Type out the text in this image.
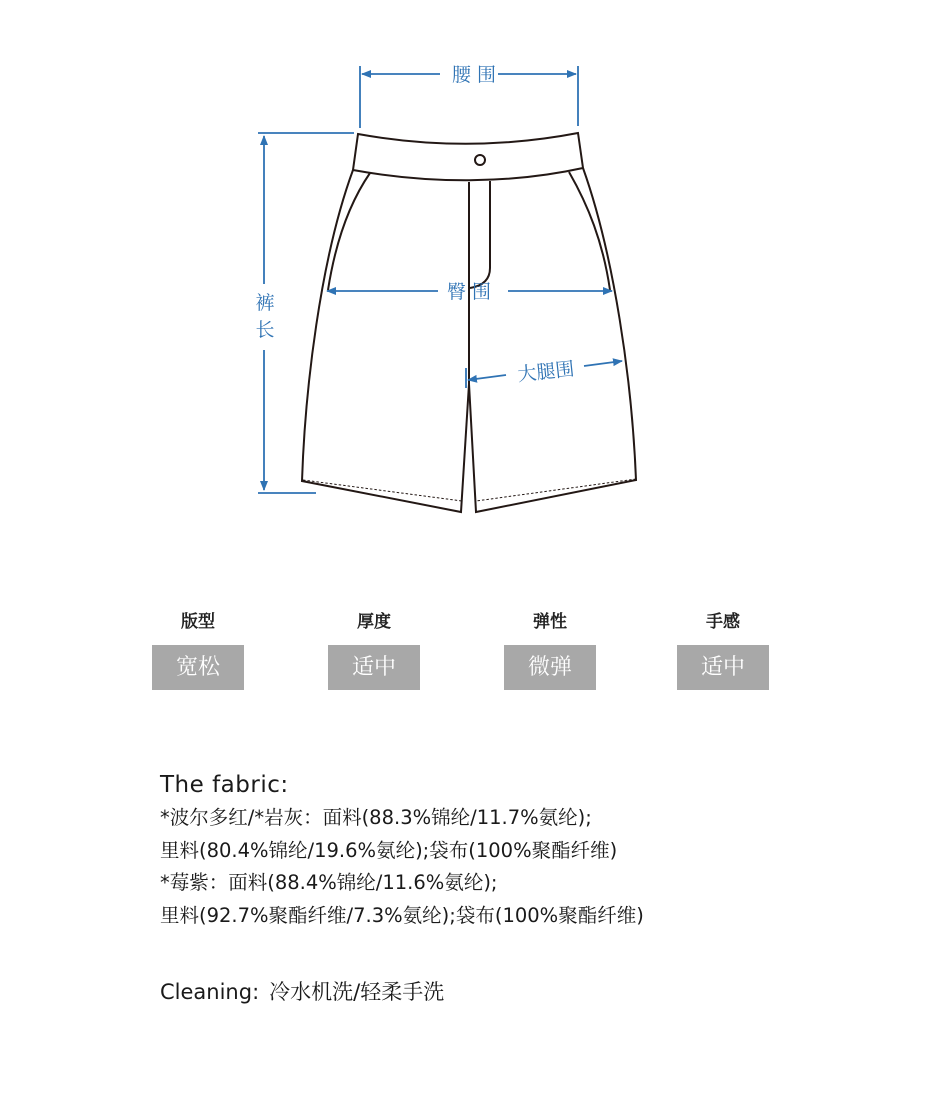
腰 围
臀 围
大腿围
裤
长
版型
宽松
厚度
适中
弹性
微弹
手感
适中
The fabric:
*波尔多红/*岩灰：面料(88.3%锦纶/11.7%氨纶);
里料(80.4%锦纶/19.6%氨纶);袋布(100%聚酯纤维)
*莓紫：面料(88.4%锦纶/11.6%氨纶);
里料(92.7%聚酯纤维/7.3%氨纶);袋布(100%聚酯纤维)
Cleaning: 冷水机洗/轻柔手洗
